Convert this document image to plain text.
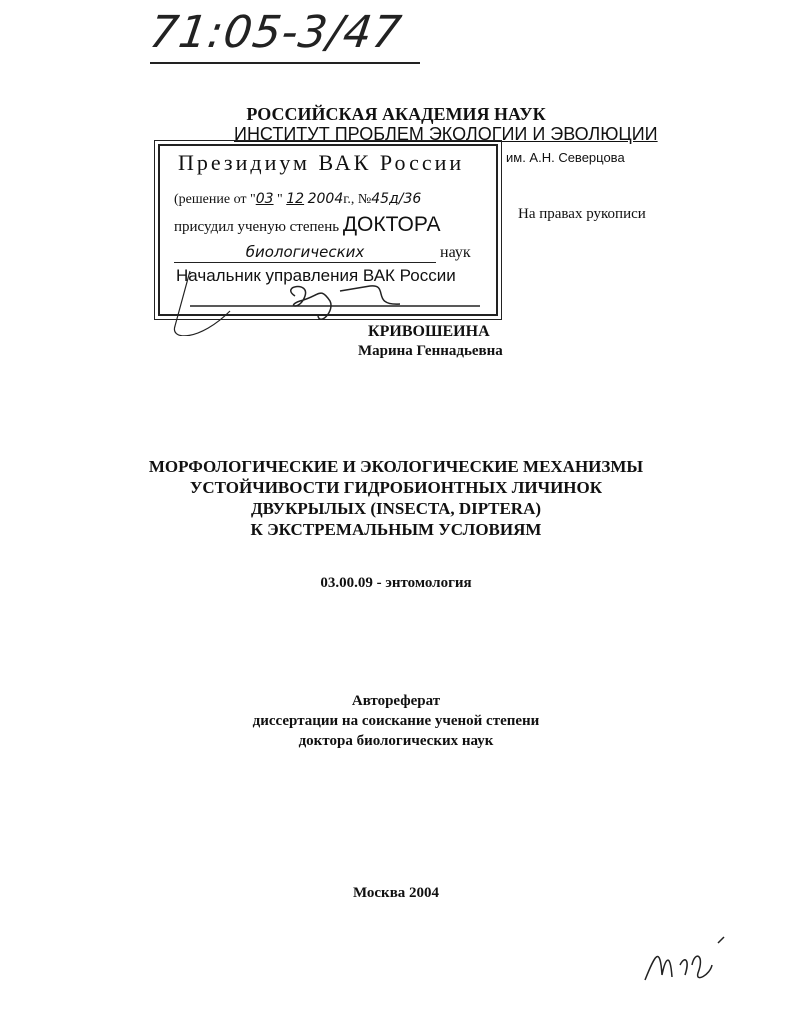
71:05-3/47
РОССИЙСКАЯ АКАДЕМИЯ НАУК
ИНСТИТУТ ПРОБЛЕМ ЭКОЛОГИИ И ЭВОЛЮЦИИ
им. А.Н. Северцова
Президиум ВАК России
(решение от "03 " 12 2004г., №45д/36
присудил ученую степень ДОКТОРА
биологических	наук
Начальник управления ВАК России
На правах рукописи
КРИВОШЕИНА
Марина Геннадьевна
МОРФОЛОГИЧЕСКИЕ И ЭКОЛОГИЧЕСКИЕ МЕХАНИЗМЫ
УСТОЙЧИВОСТИ ГИДРОБИОНТНЫХ ЛИЧИНОК
ДВУКРЫЛЫХ (INSECTA, DIPTERA)
К ЭКСТРЕМАЛЬНЫМ УСЛОВИЯМ
03.00.09 - энтомология
Автореферат
диссертации на соискание ученой степени
доктора биологических наук
Москва 2004
